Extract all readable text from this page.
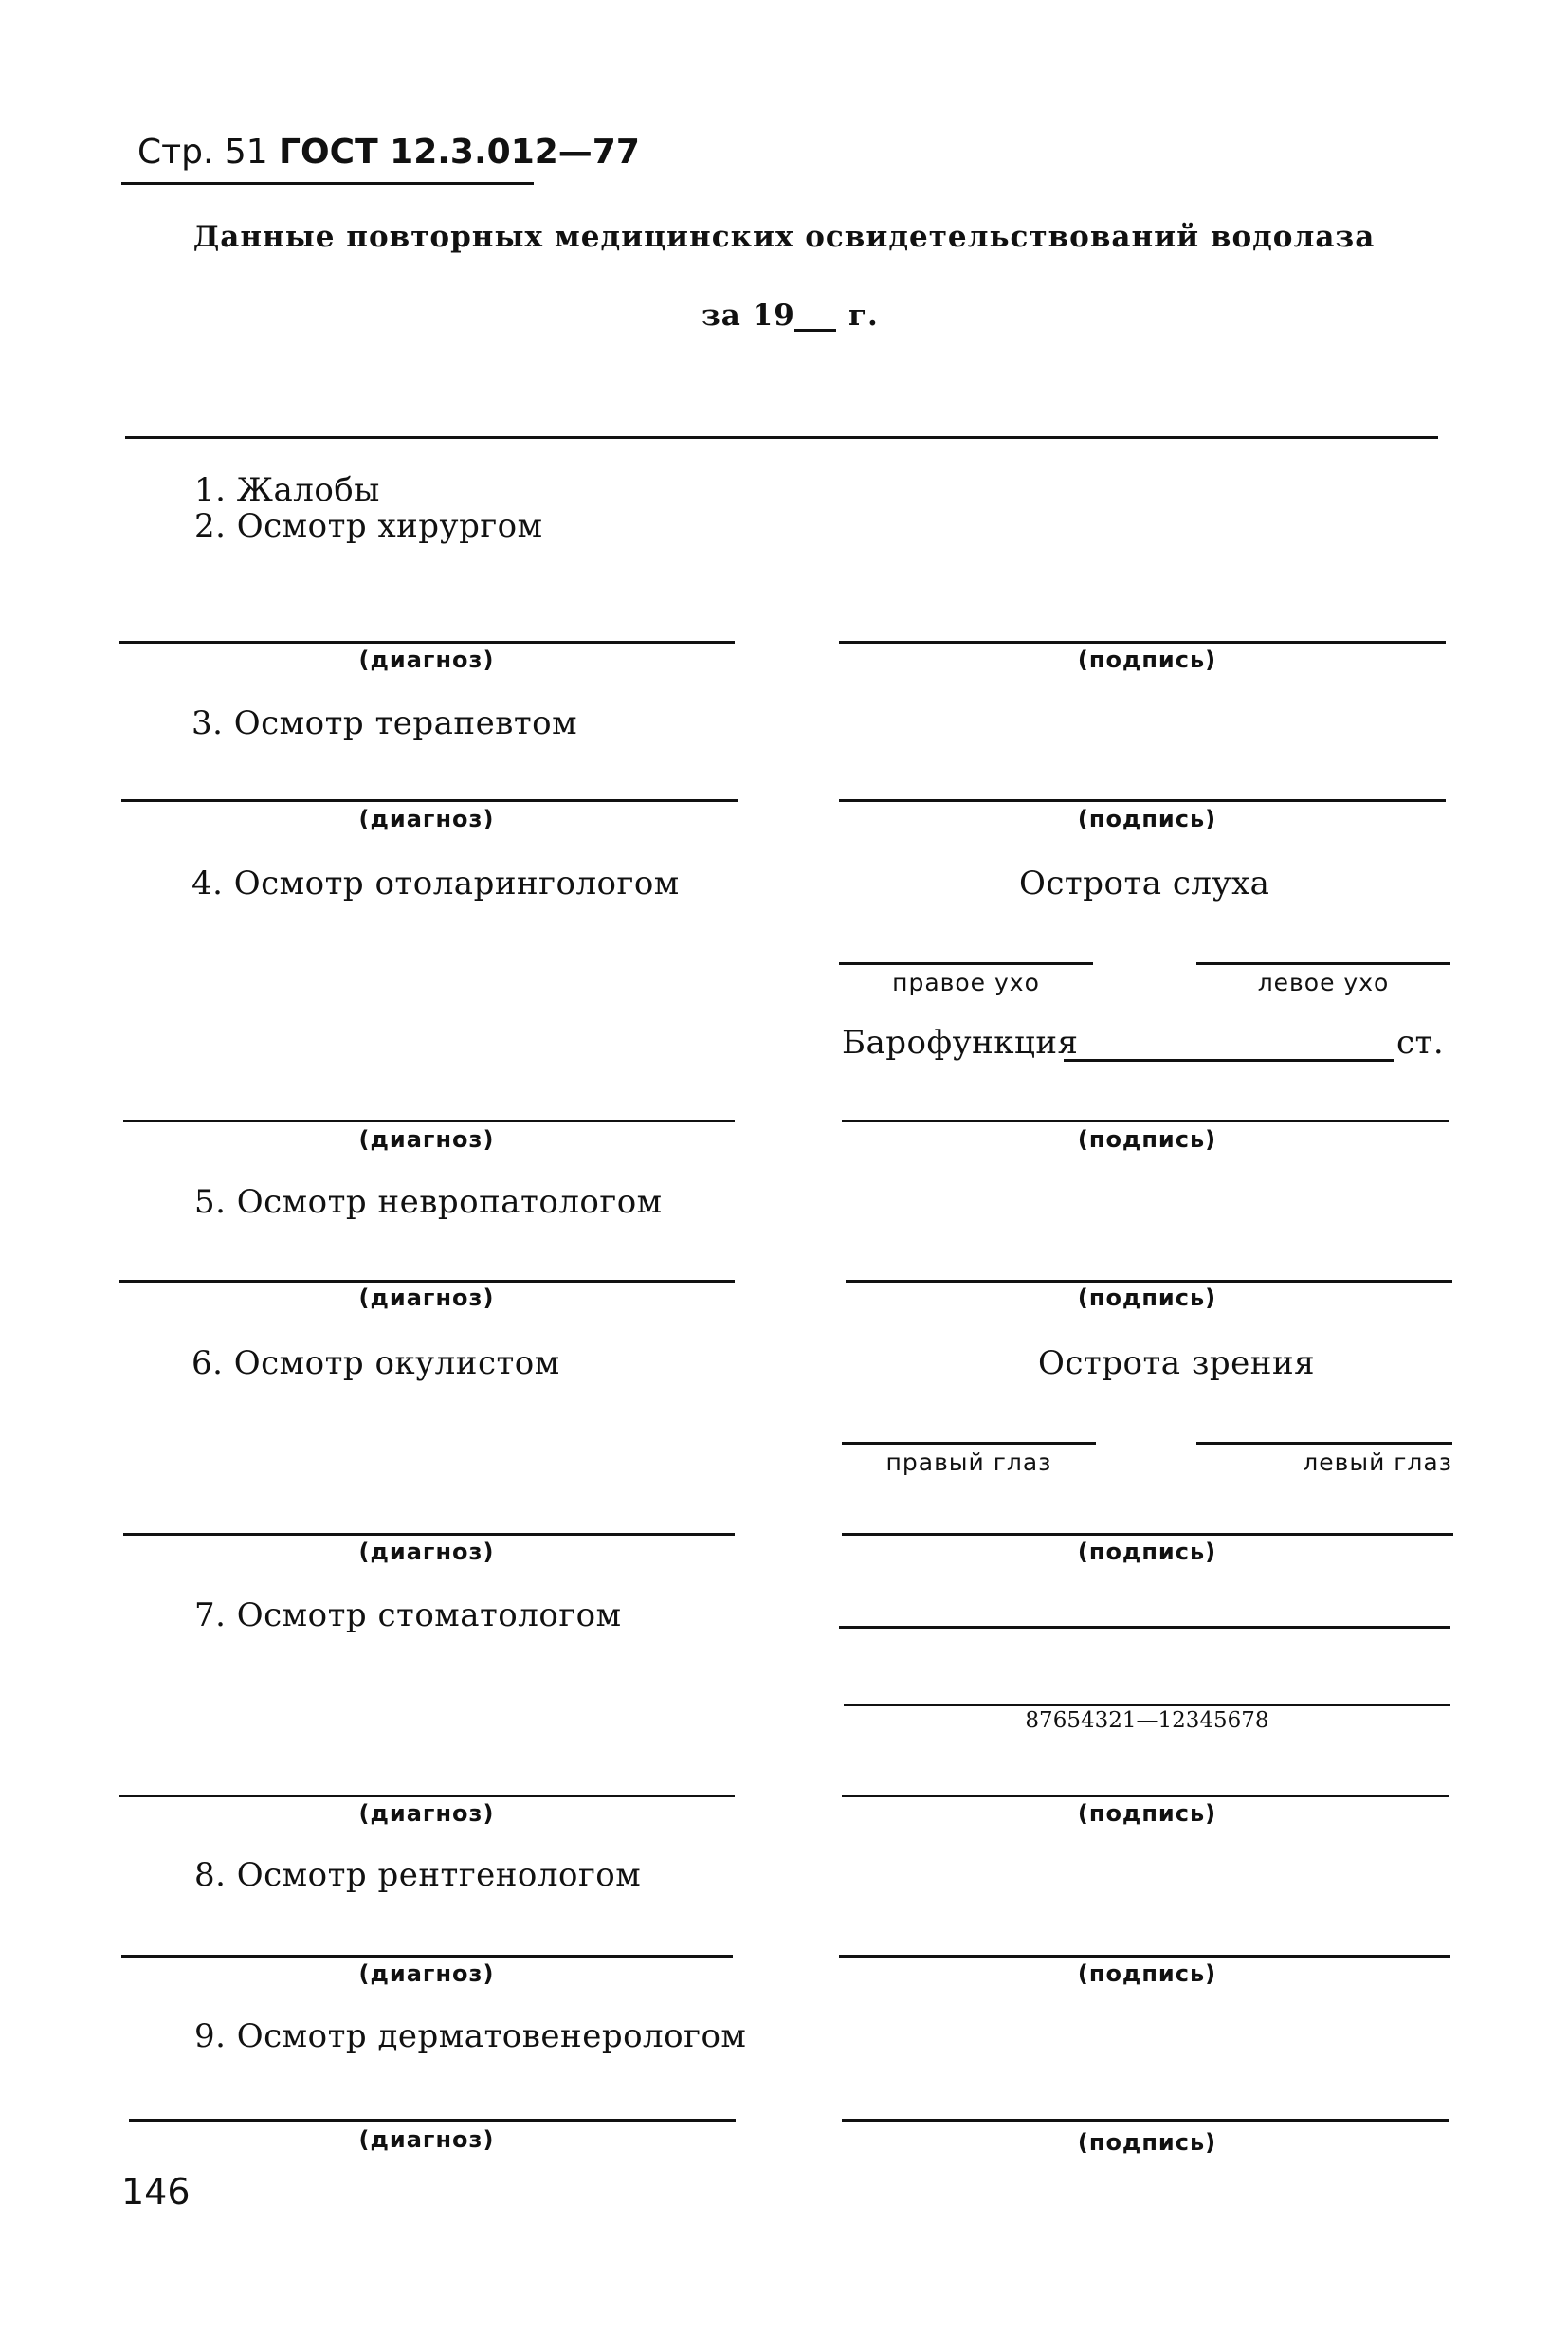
Стр. 51 ГОСТ 12.3.012—77
Данные повторных медицинских освидетельствований водолаза
за 19 г.
1. Жалобы
2. Осмотр хирургом
(диагноз)	(подпись)
3. Осмотр терапевтом
(диагноз)	(подпись)
4. Осмотр отоларингологом	Острота слуха
правое ухо	левое ухо
Барофункция	ст.
(диагноз)	(подпись)
5. Осмотр невропатологом
(диагноз)	(подпись)
6. Осмотр окулистом	Острота зрения
правый глаз	левый глаз
(диагноз)	(подпись)
7. Осмотр стоматологом
87654321—12345678
(диагноз)	(подпись)
8. Осмотр рентгенологом
(диагноз)	(подпись)
9. Осмотр дерматовенерологом
(диагноз)	(подпись)
146
